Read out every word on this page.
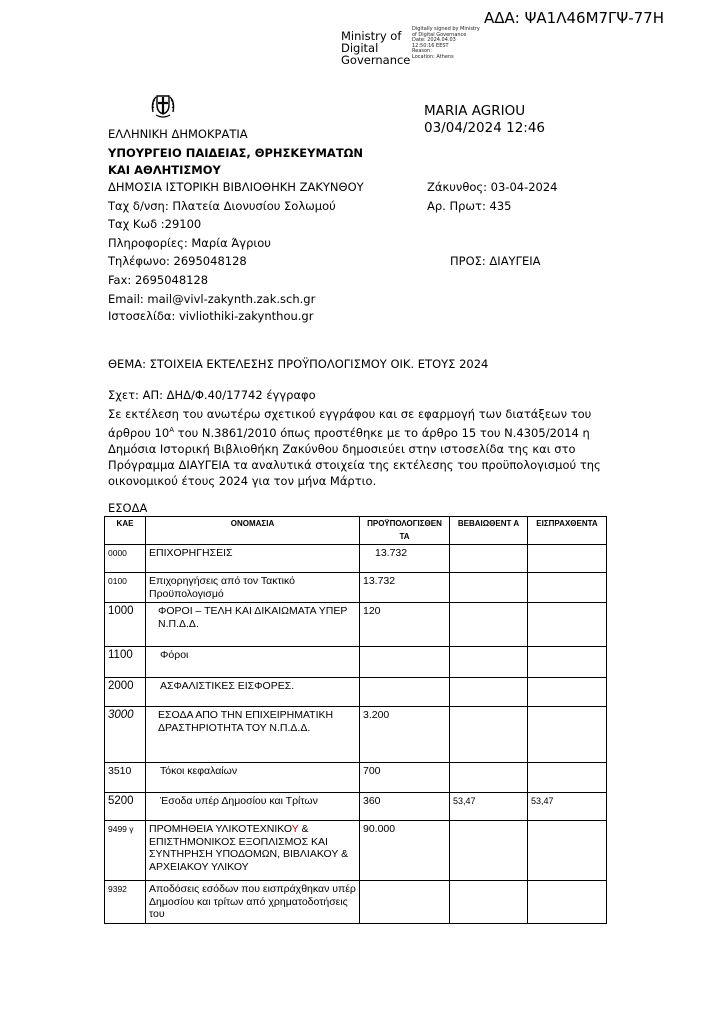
ΑΔΑ: ΨΑ1Λ46Μ7ΓΨ-77Η
Ministry of
Digital
Governance
Digitally signed by Ministry
of Digital Governance
Date: 2024.04.03
12:50:16 EEST
Reason:
Location: Athens
MARIA AGRIOU
03/04/2024 12:46
ΕΛΛΗΝΙΚΗ ΔΗΜΟΚΡΑΤΙΑ
ΥΠΟΥΡΓΕΙΟ ΠΑΙΔΕΙΑΣ, ΘΡΗΣΚΕΥΜΑΤΩΝ
ΚΑΙ ΑΘΛΗΤΙΣΜΟΥ
ΔΗΜΟΣΙΑ ΙΣΤΟΡΙΚΗ ΒΙΒΛΙΟΘΗΚΗ ΖΑΚΥΝΘΟΥ
Ταχ δ/νση: Πλατεία Διονυσίου Σολωμού
Ταχ Κωδ :29100
Πληροφορίες: Μαρία Άγριου
Τηλέφωνο: 2695048128
Fax: 2695048128
Email: mail@vivl-zakynth.zak.sch.gr
Ιστοσελίδα: vivliothiki-zakynthou.gr
Ζάκυνθος: 03-04-2024
Αρ. Πρωτ: 435
ΠΡΟΣ: ΔΙΑΥΓΕΙΑ
ΘΕΜΑ: ΣΤΟΙΧΕΙΑ ΕΚΤΕΛΕΣΗΣ ΠΡΟΫΠΟΛΟΓΙΣΜΟΥ ΟΙΚ. ΕΤΟΥΣ 2024
Σχετ: ΑΠ: ΔΗΔ/Φ.40/17742 έγγραφο
Σε εκτέλεση του ανωτέρω σχετικού εγγράφου και σε εφαρμογή των διατάξεων του άρθρου $10^A$ του Ν.3861/2010 όπως προστέθηκε με το άρθρο 15 του Ν.4305/2014 η Δημόσια Ιστορική Βιβλιοθήκη Ζακύνθου δημοσιεύει στην ιστοσελίδα της και στο Πρόγραμμα ΔΙΑΥΓΕΙΑ τα αναλυτικά στοιχεία της εκτέλεσης του προϋπολογισμού της οικονομικού έτους 2024 για τον μήνα Μάρτιο.
ΕΣΟΔΑ
ΚΑΕ	ΟΝΟΜΑΣΙΑ	ΠΡΟΫΠΟΛΟΓΙΣΘΕΝ ΤΑ	ΒΕΒΑΙΩΘΕΝΤ Α	ΕΙΣΠΡΑΧΘΕΝΤΑ
0000	ΕΠΙΧΟΡΗΓΗΣΕΙΣ	13.732		
0100	Επιχορηγήσεις από τον Τακτικό Προϋπολογισμό	13.732		
1000	ΦΟΡΟΙ – ΤΕΛΗ ΚΑΙ ΔΙΚΑΙΩΜΑΤΑ ΥΠΕΡ Ν.Π.Δ.Δ.	120		
1100	Φόροι			
2000	ΑΣΦΑΛΙΣΤΙΚΕΣ ΕΙΣΦΟΡΕΣ.			
3000	ΕΣΟΔΑ ΑΠΟ ΤΗΝ ΕΠΙΧΕΙΡΗΜΑΤΙΚΗ ΔΡΑΣΤΗΡΙΟΤΗΤΑ ΤΟΥ Ν.Π.Δ.Δ.	3.200		
3510	Τόκοι κεφαλαίων	700		
5200	Έσοδα υπέρ Δημοσίου και Τρίτων	360	53,47	53,47
9499 γ	ΠΡΟΜΗΘΕΙΑ ΥΛΙΚΟΤΕΧΝΙΚΟΥ & ΕΠΙΣΤΗΜΟΝΙΚΟΣ ΕΞΟΠΛΙΣΜΟΣ ΚΑΙ ΣΥΝΤΗΡΗΣΗ ΥΠΟΔΟΜΩΝ, ΒΙΒΛΙΑΚΟΥ & ΑΡΧΕΙΑΚΟΥ ΥΛΙΚΟΥ	90.000		
9392	Αποδόσεις εσόδων που εισπράχθηκαν υπέρ Δημοσίου και τρίτων από χρηματοδοτήσεις του			
